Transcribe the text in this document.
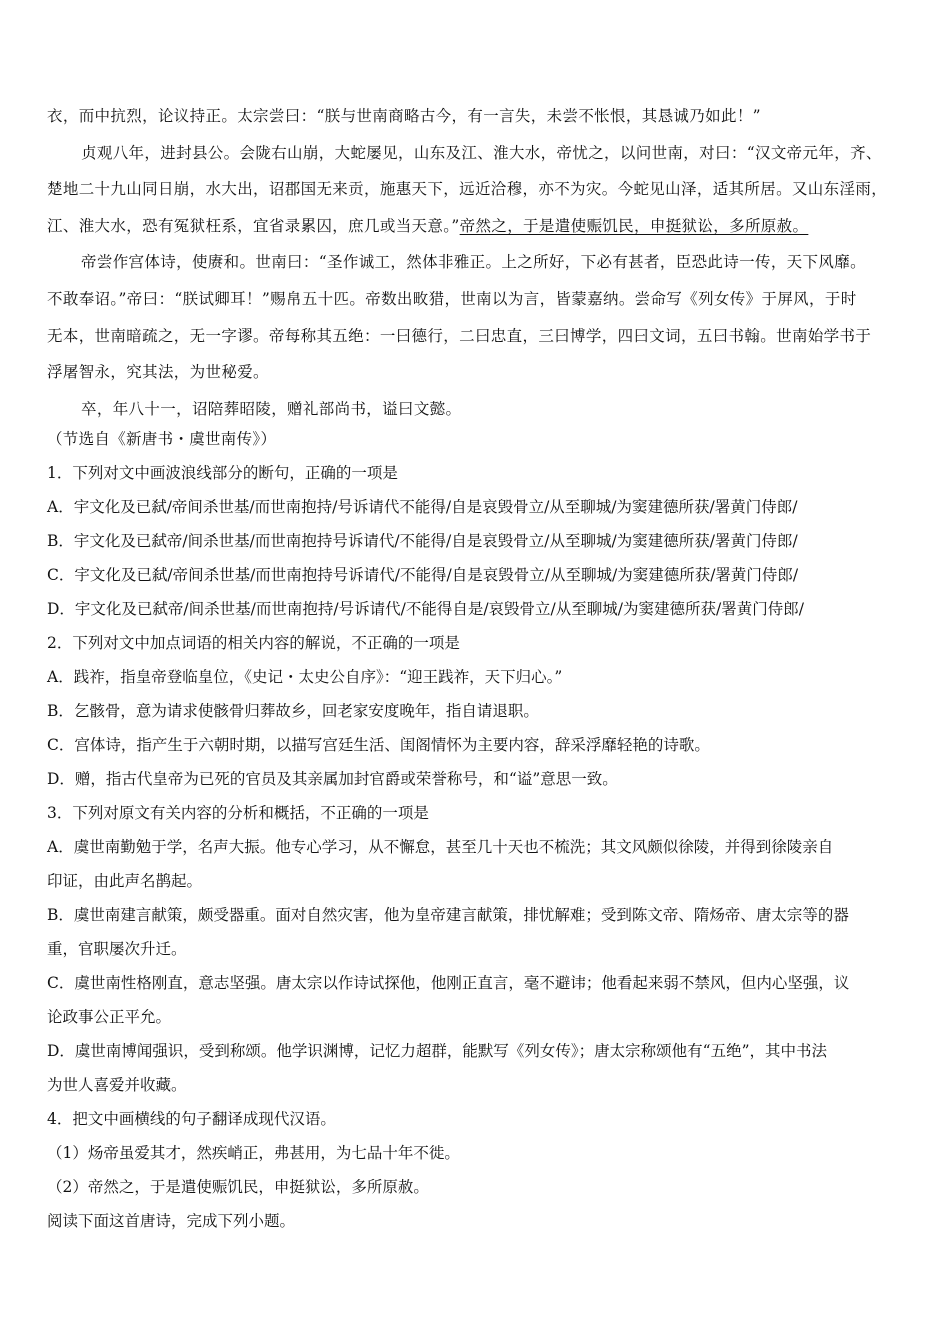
衣，而中抗烈，论议持正。太宗尝曰：“朕与世南商略古今，有一言失，未尝不怅恨，其恳诚乃如此！”
贞观八年，进封县公。会陇右山崩，大蛇屡见，山东及江、淮大水，帝忧之，以问世南，对曰：“汉文帝元年，齐、
楚地二十九山同日崩，水大出，诏郡国无来贡，施惠天下，远近洽穆，亦不为灾。今蛇见山泽，适其所居。又山东淫雨，
江、淮大水，恐有冤狱枉系，宜省录累囚，庶几或当天意。”帝然之，于是遣使赈饥民，申挺狱讼，多所原赦。
帝尝作宫体诗，使赓和。世南曰：“圣作诚工，然体非雅正。上之所好，下必有甚者，臣恐此诗一传，天下风靡。
不敢奉诏。”帝曰：“朕试卿耳！”赐帛五十匹。帝数出畋猎，世南以为言，皆蒙嘉纳。尝命写《列女传》于屏风，于时
无本，世南暗疏之，无一字谬。帝每称其五绝：一曰德行，二曰忠直，三曰博学，四曰文词，五曰书翰。世南始学书于
浮屠智永，究其法，为世秘爱。
卒，年八十一，诏陪葬昭陵，赠礼部尚书，谥曰文懿。
（节选自《新唐书・虞世南传》）
1．下列对文中画波浪线部分的断句，正确的一项是
A．宇文化及已弑/帝间杀世基/而世南抱持/号诉请代不能得/自是哀毁骨立/从至聊城/为窦建德所获/署黄门侍郎/
B．宇文化及已弑帝/间杀世基/而世南抱持号诉请代/不能得/自是哀毁骨立/从至聊城/为窦建德所获/署黄门侍郎/
C．宇文化及已弑/帝间杀世基/而世南抱持号诉请代/不能得/自是哀毁骨立/从至聊城/为窦建德所获/署黄门侍郎/
D．宇文化及已弑帝/间杀世基/而世南抱持/号诉请代/不能得自是/哀毁骨立/从至聊城/为窦建德所获/署黄门侍郎/
2．下列对文中加点词语的相关内容的解说，不正确的一项是
A．践祚，指皇帝登临皇位，《史记・太史公自序》：“迎王践祚，天下归心。”
B．乞骸骨，意为请求使骸骨归葬故乡，回老家安度晚年，指自请退职。
C．宫体诗，指产生于六朝时期，以描写宫廷生活、闺阁情怀为主要内容，辞采浮靡轻艳的诗歌。
D．赠，指古代皇帝为已死的官员及其亲属加封官爵或荣誉称号，和“谥”意思一致。
3．下列对原文有关内容的分析和概括，不正确的一项是
A．虞世南勤勉于学，名声大振。他专心学习，从不懈怠，甚至几十天也不梳洗；其文风颇似徐陵，并得到徐陵亲自
印证，由此声名鹊起。
B．虞世南建言献策，颇受器重。面对自然灾害，他为皇帝建言献策，排忧解难；受到陈文帝、隋炀帝、唐太宗等的器
重，官职屡次升迁。
C．虞世南性格刚直，意志坚强。唐太宗以作诗试探他，他刚正直言，毫不避讳；他看起来弱不禁风，但内心坚强，议
论政事公正平允。
D．虞世南博闻强识，受到称颂。他学识渊博，记忆力超群，能默写《列女传》；唐太宗称颂他有“五绝”，其中书法
为世人喜爱并收藏。
4．把文中画横线的句子翻译成现代汉语。
（1）炀帝虽爱其才，然疾峭正，弗甚用，为七品十年不徙。
（2）帝然之，于是遣使赈饥民，申挺狱讼，多所原赦。
阅读下面这首唐诗，完成下列小题。
